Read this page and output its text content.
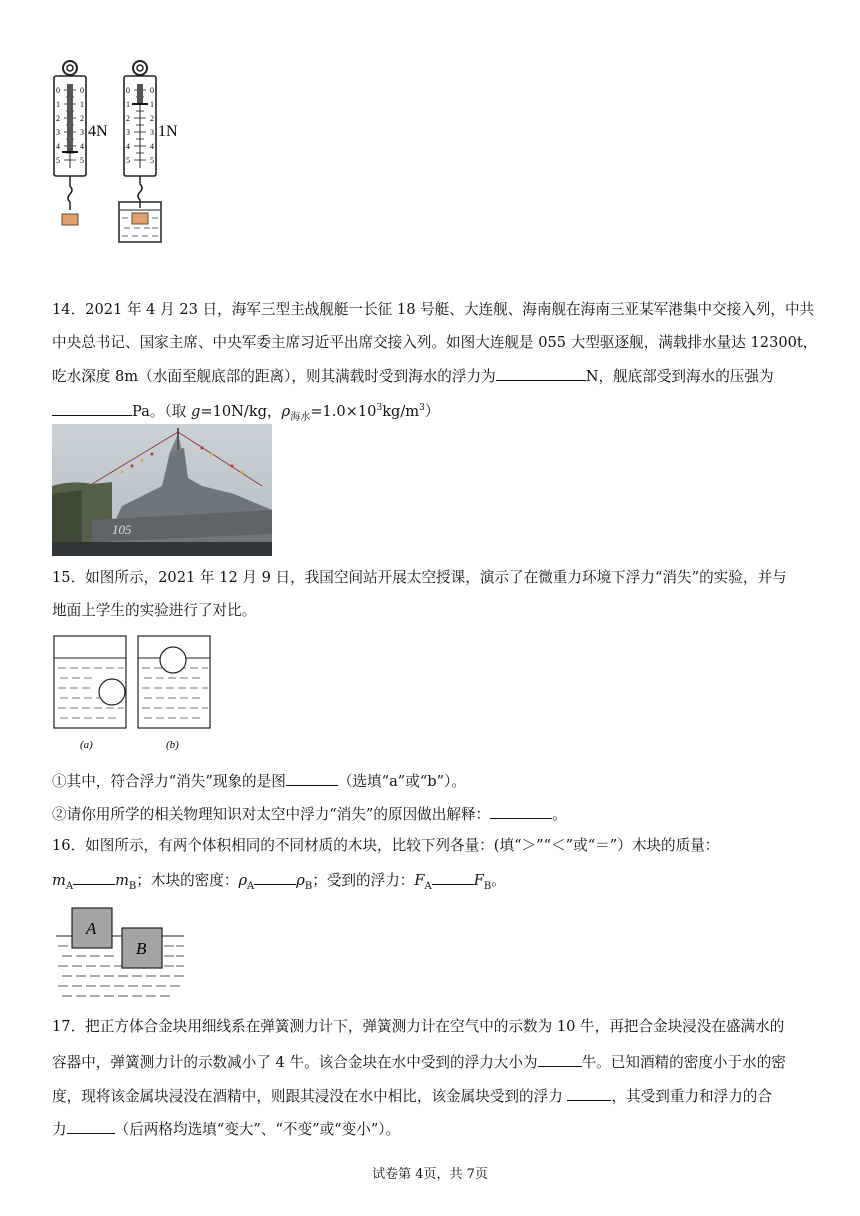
0	0
1	1
2	2
3	3
4	4
5	5
4N
0	0
1	1
2	2
3	3
4	4
5	5
1N
14．2021 年 4 月 23 日，海军三型主战舰艇一长征 18 号艇、大连舰、海南舰在海南三亚某军港集中交接入列，中共
中央总书记、国家主席、中央军委主席习近平出席交接入列。如图大连舰是 055 大型驱逐舰，满载排水量达 12300t，
吃水深度 8m（水面至舰底部的距离），则其满载时受到海水的浮力为	N，舰底部受到海水的压强为
Pa。（取 g=10N/kg，$\rho_{海水}=1.0\times 10^3kg/m^3$）
105
15．如图所示，2021 年 12 月 9 日，我国空间站开展太空授课，演示了在微重力环境下浮力“消失”的实验，并与
地面上学生的实验进行了对比。
(a)	(b)
①其中，符合浮力“消失”现象的是图	（选填“a”或“b”）。
②请你用所学的相关物理知识对太空中浮力“消失”的原因做出解释：	。
16．如图所示，有两个体积相同的不同材质的木块，比较下列各量：(填“＞”“＜”或“＝”）木块的质量：
$m_A$	$m_B$；木块的密度：$\rho_A$	$\rho_B$；受到的浮力：$F_A$	$F_B$。
A
B
17．把正方体合金块用细线系在弹簧测力计下，弹簧测力计在空气中的示数为 10 牛，再把合金块浸没在盛满水的
容器中，弹簧测力计的示数减小了 4 牛。该合金块在水中受到的浮力大小为	牛。已知酒精的密度小于水的密
度，现将该金属块浸没在酒精中，则跟其浸没在水中相比，该金属块受到的浮力	，其受到重力和浮力的合
力	（后两格均选填“变大”、“不变”或“变小”）。
试卷第 4页，共 7页
